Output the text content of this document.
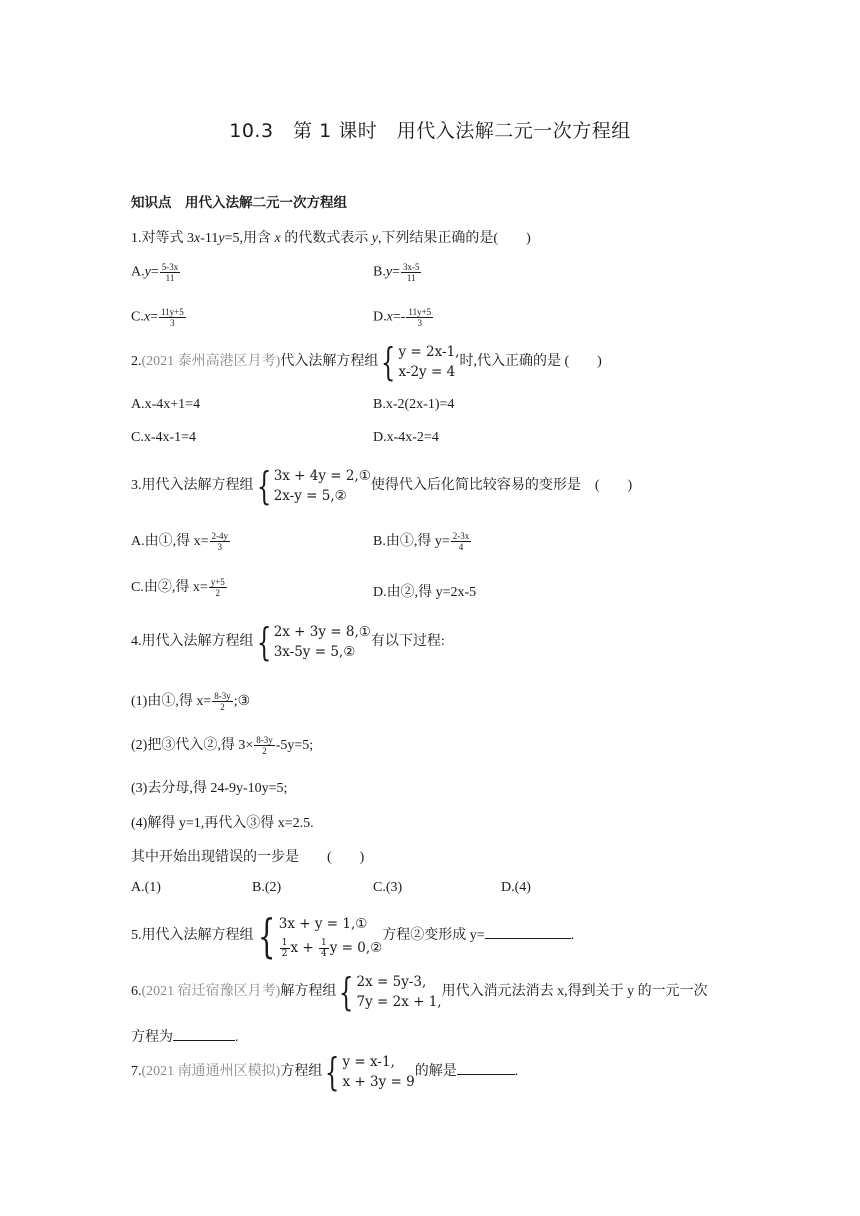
10.3　第 1 课时　用代入法解二元一次方程组
知识点　用代入法解二元一次方程组
1.对等式 3x-11y=5,用含 x 的代数式表示 y,下列结果正确的是(　　)
$A.y= \frac{5-3x}{11}$	$B.y= \frac{3x-5}{11}$
$C.x= \frac{11y+5}{3}$	$D.x=- \frac{11y+5}{3}$
2.(2021 泰州高港区月考)代入法解方程组 { y = 2x-1,
x-2y = 4
时,代入正确的是 (　　)
A.x-4x+1=4	B.x-2(2x-1)=4
C.x-4x-1=4	D.x-4x-2=4
3.用代入法解方程组 { 3x + 4y = 2,①
2x-y = 5,②
使得代入后化简比较容易的变形是　(　　)
A.由①,得 $x= \frac{2-4y}{3}$	B.由①,得 $y= \frac{2-3x}{4}$
C.由②,得 $x= \frac{y+5}{2}$	D.由②,得 y=2x-5
4.用代入法解方程组 { 2x + 3y = 8,①
3x-5y = 5,②
有以下过程:
(1)由①,得 $x= \frac{8-3y}{2}$ ;③
(2)把③代入②,得 $3\times \frac{8-3y}{2} -5y=5$;
(3)去分母,得 24-9y-10y=5;
(4)解得 y=1,再代入③得 x=2.5.
其中开始出现错误的一步是　　(　　)
A.(1)	B.(2)	C.(3)	D.(4)
5.用代入法解方程组 { 3x + y = 1,①
$\frac{1}{2}$ $x + \frac{1}{4}$ y = 0,②
方程②变形成 y=	.
6.(2021 宿迁宿豫区月考)解方程组 { 2x = 5y-3,
7y = 2x + 1,
用代入消元法消去 x,得到关于 y 的一元一次
方程为	.
7.(2021 南通通州区模拟)方程组 { y = x-1,
x + 3y = 9
的解是	.
